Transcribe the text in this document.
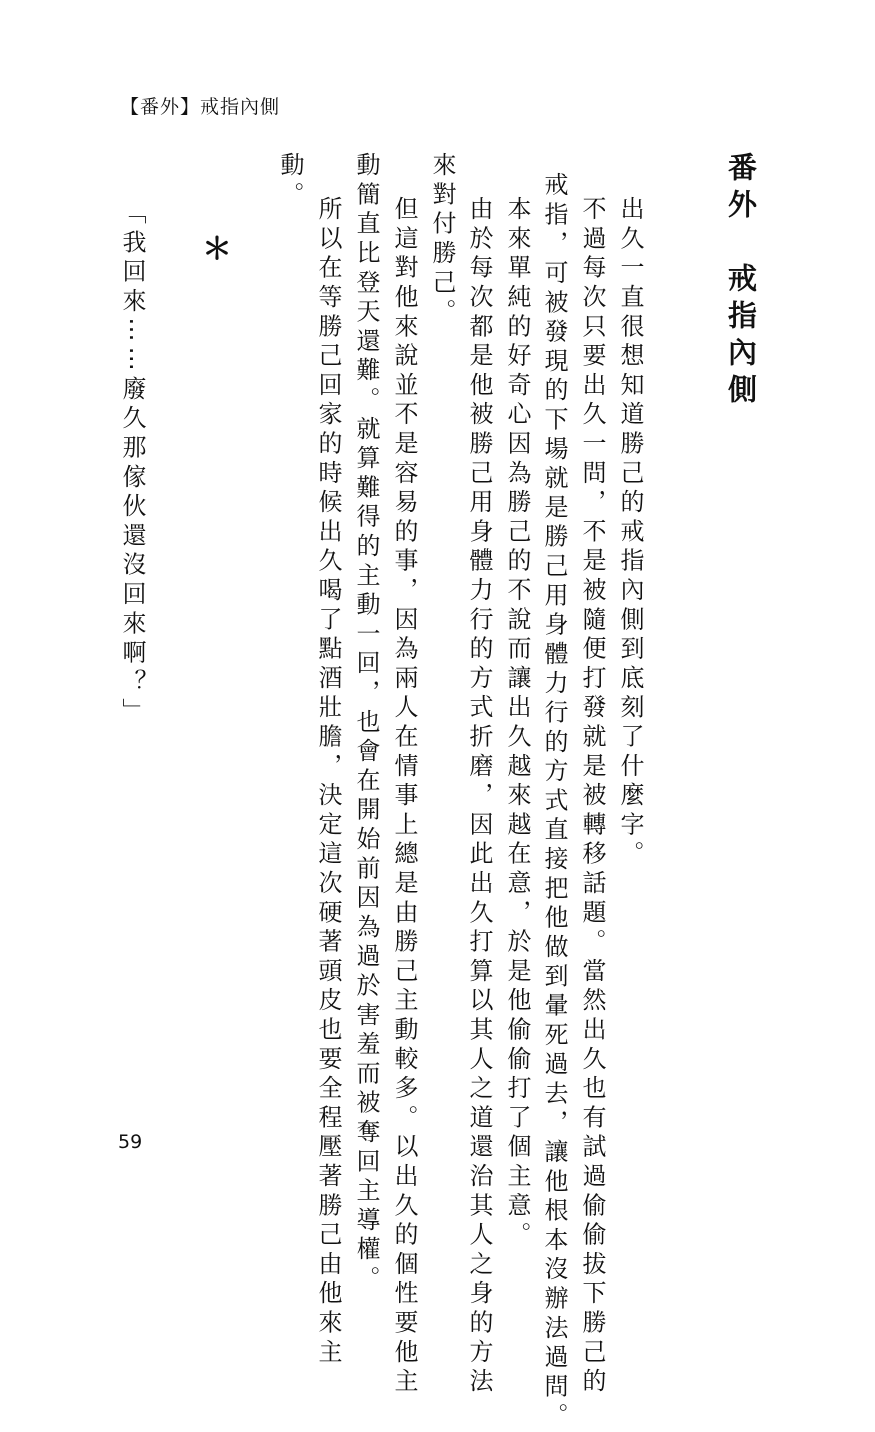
【番外】戒指內側
番外　戒指內側
出久一直很想知道勝己的戒指內側到底刻了什麼字。
不過每次只要出久一問，不是被隨便打發就是被轉移話題。當然出久也有試過偷偷拔下勝己的
戒指，可被發現的下場就是勝己用身體力行的方式直接把他做到暈死過去，讓他根本沒辦法過問。
本來單純的好奇心因為勝己的不說而讓出久越來越在意，於是他偷偷打了個主意。
由於每次都是他被勝己用身體力行的方式折磨，因此出久打算以其人之道還治其人之身的方法
來對付勝己。
但這對他來說並不是容易的事，因為兩人在情事上總是由勝己主動較多。以出久的個性要他主
動簡直比登天還難。就算難得的主動一回，也會在開始前因為過於害羞而被奪回主導權。
所以在等勝己回家的時候出久喝了點酒壯膽，決定這次硬著頭皮也要全程壓著勝己由他來主
動。
＊
「我回來⋯⋯廢久那傢伙還沒回來啊？」
59
